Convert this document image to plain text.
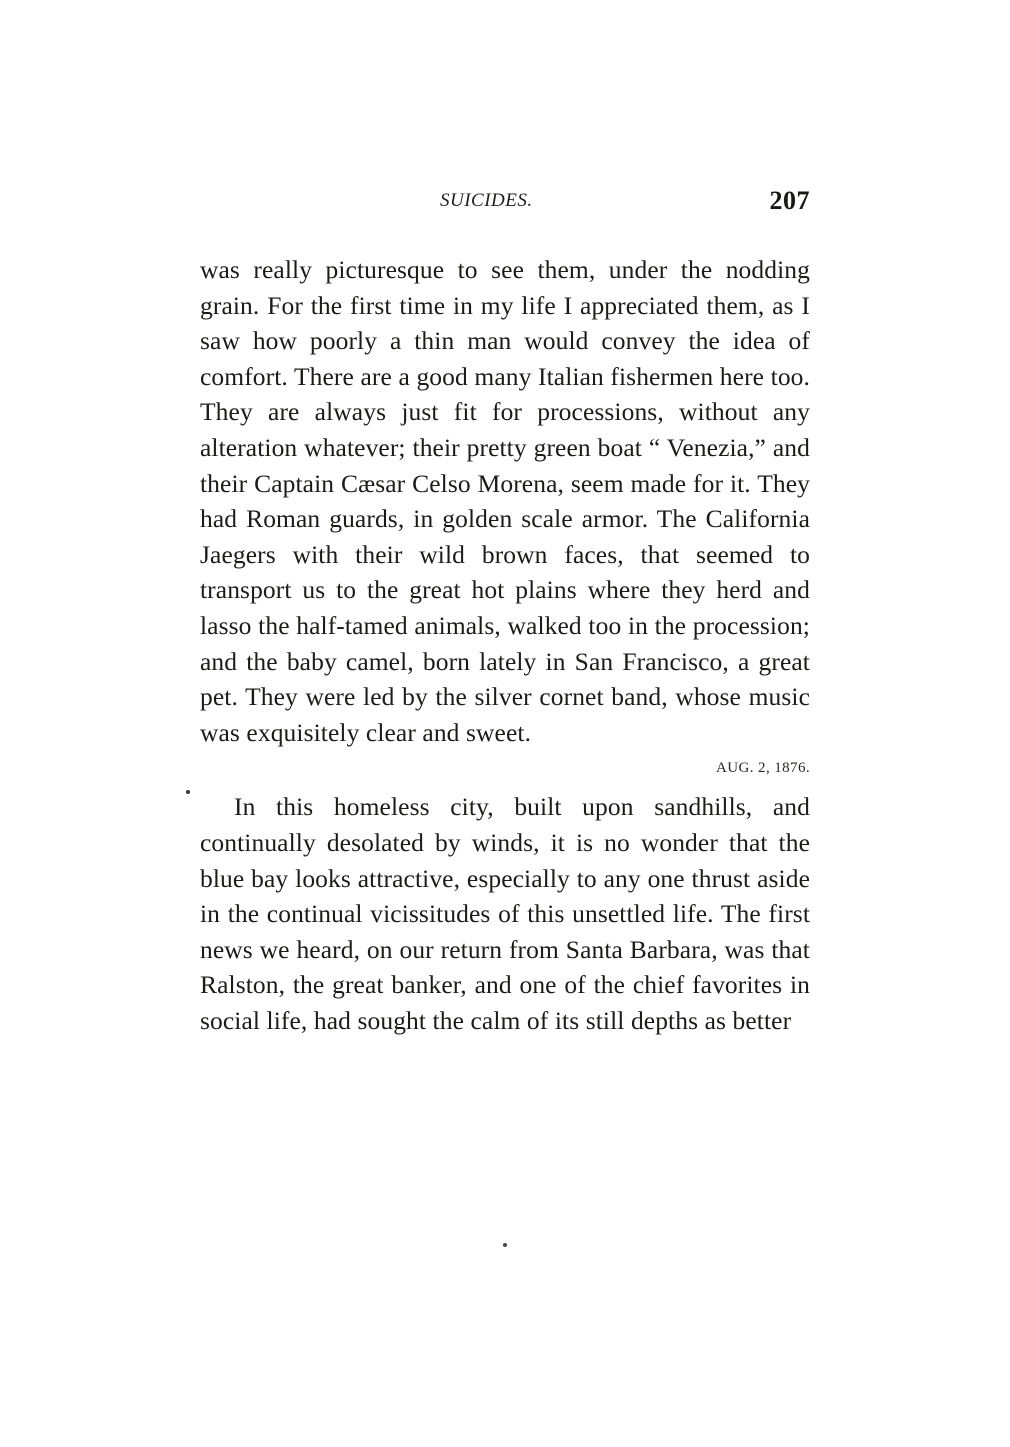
SUICIDES.	207

was really picturesque to see them, under the nodding grain. For the first time in my life I appreciated them, as I saw how poorly a thin man would convey the idea of comfort. There are a good many Italian fishermen here too. They are always just fit for processions, without any alteration whatever; their pretty green boat “ Venezia,” and their Captain Cæsar Celso Morena, seem made for it. They had Roman guards, in golden scale armor. The California Jaegers with their wild brown faces, that seemed to transport us to the great hot plains where they herd and lasso the half-tamed animals, walked too in the procession; and the baby camel, born lately in San Francisco, a great pet. They were led by the silver cornet band, whose music was exquisitely clear and sweet.

AUG. 2, 1876.

In this homeless city, built upon sandhills, and continually desolated by winds, it is no wonder that the blue bay looks attractive, especially to any one thrust aside in the continual vicissitudes of this unsettled life. The first news we heard, on our return from Santa Barbara, was that Ralston, the great banker, and one of the chief favorites in social life, had sought the calm of its still depths as better
